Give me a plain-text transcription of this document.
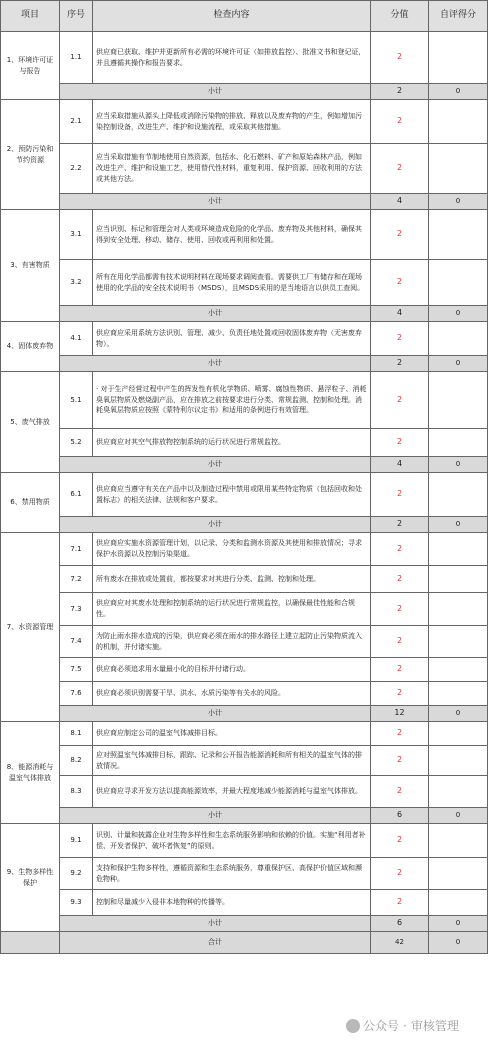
项目	序号	检查内容	分值	自评得分
1、环境许可证与报告	1.1	供应商已获取、维护并更新所有必需的环境许可证（如排放监控）、批准文书和登记证，并且遵循其操作和报告要求。	2	
	小计		2	0
2、预防污染和节约资源	2.1	应当采取措施从源头上降低或消除污染物的排放、释放以及废弃物的产生，例如增加污染控制设备，改进生产、维护和设施流程，或采取其他措施。	2	
	2.2	应当采取措施有节制地使用自然资源，包括水、化石燃料、矿产和原始森林产品，例如改进生产、维护和设施工艺，使用替代性材料，重复利用、保护资源、回收利用的方法或其他方法。	2	
	小计		4	0
3、有害物质	3.1	应当识别、标记和管理会对人类或环境造成危险的化学品、废弃物及其他材料，确保其得到安全处理、移动、储存、使用、回收或再利用和处置。	2	
	3.2	所有在用化学品都需有技术说明材料在现场要求调阅查看。需要供工厂有储存和在现场使用的化学品的安全技术说明书（MSDS），且MSDS采用的是当地语言以供员工查阅。	2	
	小计		4	0
4、固体废弃物	4.1	供应商应采用系统方法识别、管理、减少、负责任地处置或回收固体废弃物（无害废弃物）。	2	
	小计		2	0
5、废气排放	5.1	· 对于生产经营过程中产生的挥发性有机化学物质、喷雾、腐蚀性物质、悬浮粒子、消耗臭氧层物质及燃烧副产品，应在排放之前按要求进行分类、常规监测、控制和处理。消耗臭氧层物质应按照《蒙特利尔议定书》和适用的条例进行有效管理。	2	
	5.2	供应商应对其空气排放物控制系统的运行状况进行常规监控。	2	
	小计		4	0
6、禁用物质	6.1	供应商应当遵守有关在产品中以及制造过程中禁用或限用某些特定物质（包括回收和处置标志）的相关法律、法规和客户要求。	2	
	小计		2	0
7、水资源管理	7.1	供应商应实施水资源管理计划，以记录、分类和监测水资源及其使用和排放情况；寻求保护水资源以及控制污染渠道。	2	
	7.2	所有废水在排放或处置前，都按要求对其进行分类、监测、控制和处理。	2	
	7.3	供应商应对其废水处理和控制系统的运行状况进行常规监控，以确保最佳性能和合规性。	2	
	7.4	为防止雨水排水造成的污染，供应商必须在雨水的排水路径上建立起防止污染物质流入的机制，并付诸实施。	2	
	7.5	供应商必须追求用水量最小化的目标并付诸行动。	2	
	7.6	供应商必须识别需要干旱、洪水、水质污染等有关水的风险。	2	
	小计		12	0
8、能源消耗与温室气体排放	8.1	供应商应制定公司的温室气体减排目标。	2	
	8.2	应对照温室气体减排目标，跟踪、记录和公开报告能源消耗和所有相关的温室气体的排放情况。	2	
	8.3	供应商应寻求开发方法以提高能源效率，并最大程度地减少能源消耗与温室气体排放。	2	
	小计		6	0
9、生物多样性保护	9.1	识别、计量和披露企业对生物多样性和生态系统服务影响和依赖的价值。实施“利用者补偿、开发者保护、破坏者恢复”的原则。	2	
	9.2	支持和保护生物多样性，遵循资源和生态系统服务，尊重保护区、高保护价值区域和濒危物种。	2	
	9.3	控制和尽量减少入侵非本地物种的传播等。	2	
	小计		6	0
	合计		42	0
公众号 · 审核管理
